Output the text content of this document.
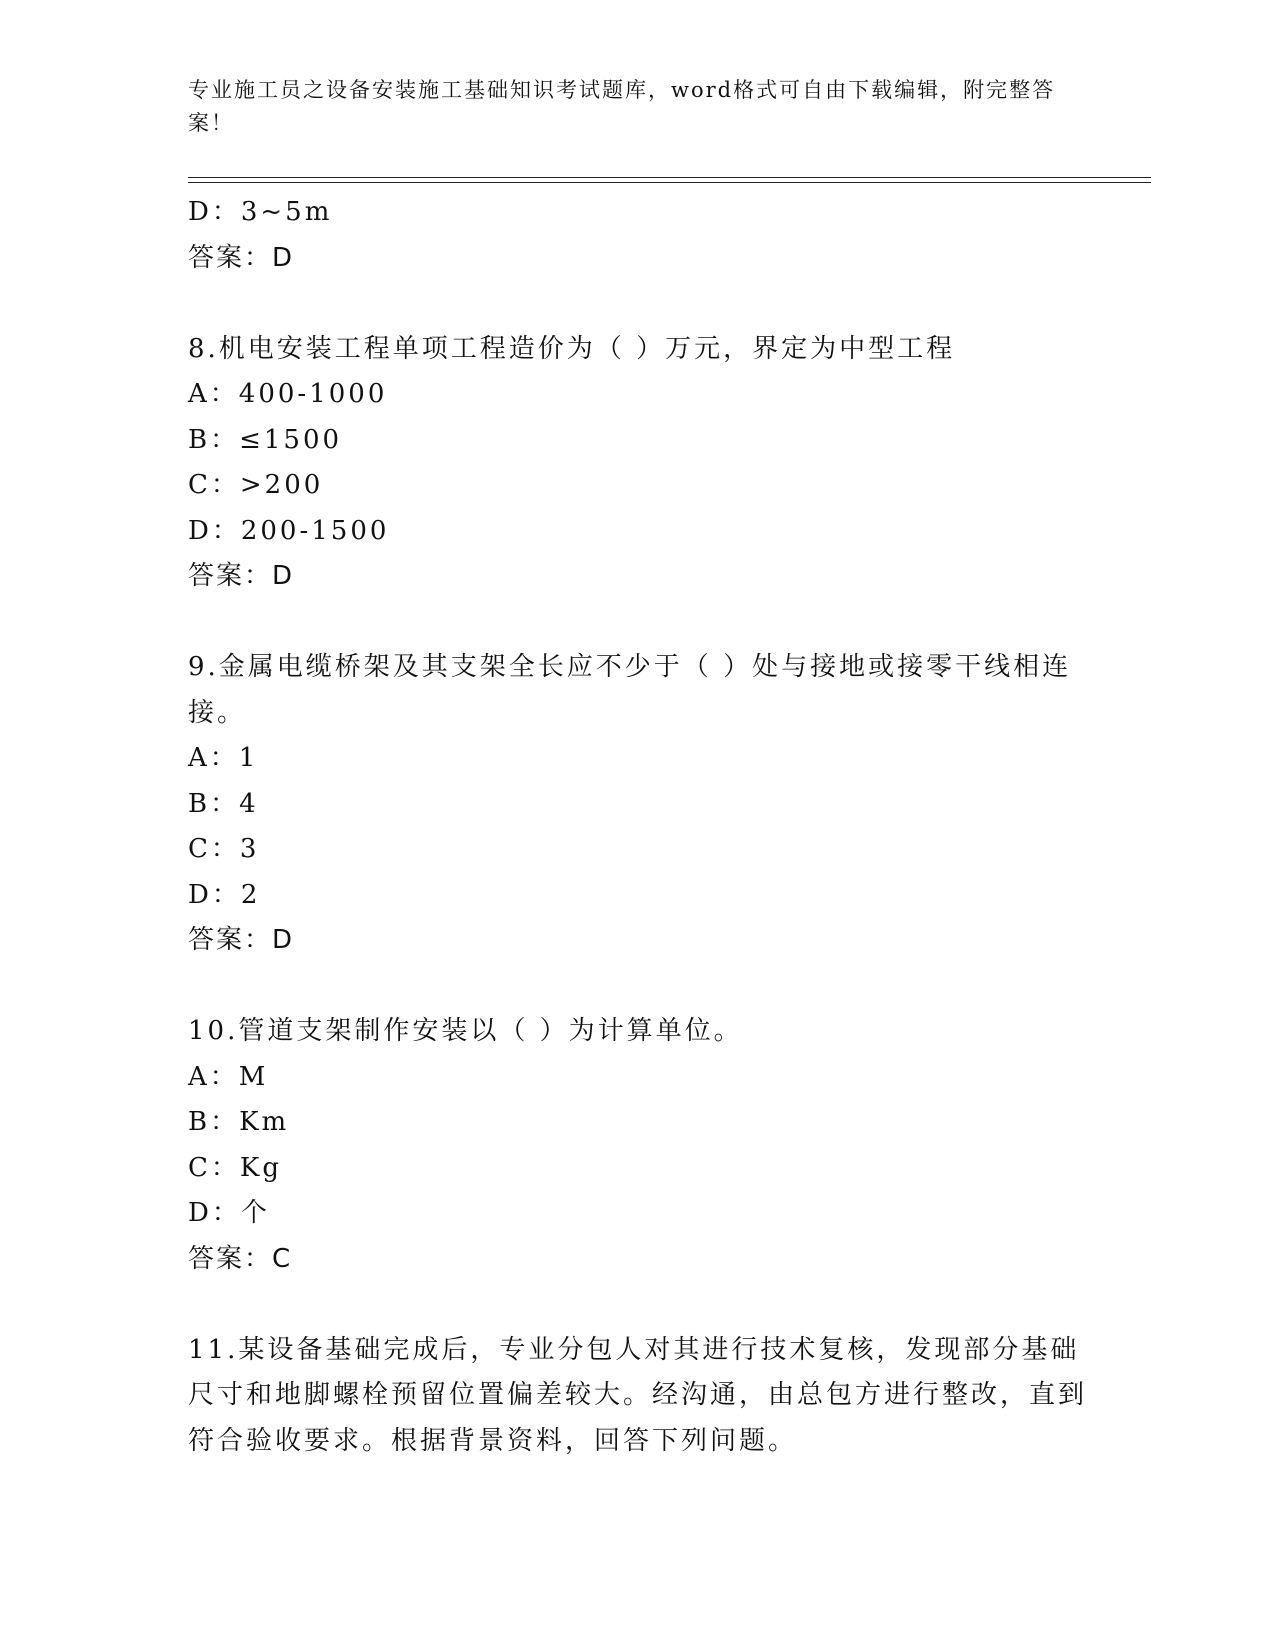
专业施工员之设备安装施工基础知识考试题库，word格式可自由下载编辑，附完整答案！
D：3~5m
答案：D
8.机电安装工程单项工程造价为（ ）万元，界定为中型工程
A：400-1000
B：≤1500
C：>200
D：200-1500
答案：D
9.金属电缆桥架及其支架全长应不少于（ ）处与接地或接零干线相连接。
A：1
B：4
C：3
D：2
答案：D
10.管道支架制作安装以（ ）为计算单位。
A：M
B：Km
C：Kg
D：个
答案：C
11.某设备基础完成后，专业分包人对其进行技术复核，发现部分基础尺寸和地脚螺栓预留位置偏差较大。经沟通，由总包方进行整改，直到符合验收要求。根据背景资料，回答下列问题。
